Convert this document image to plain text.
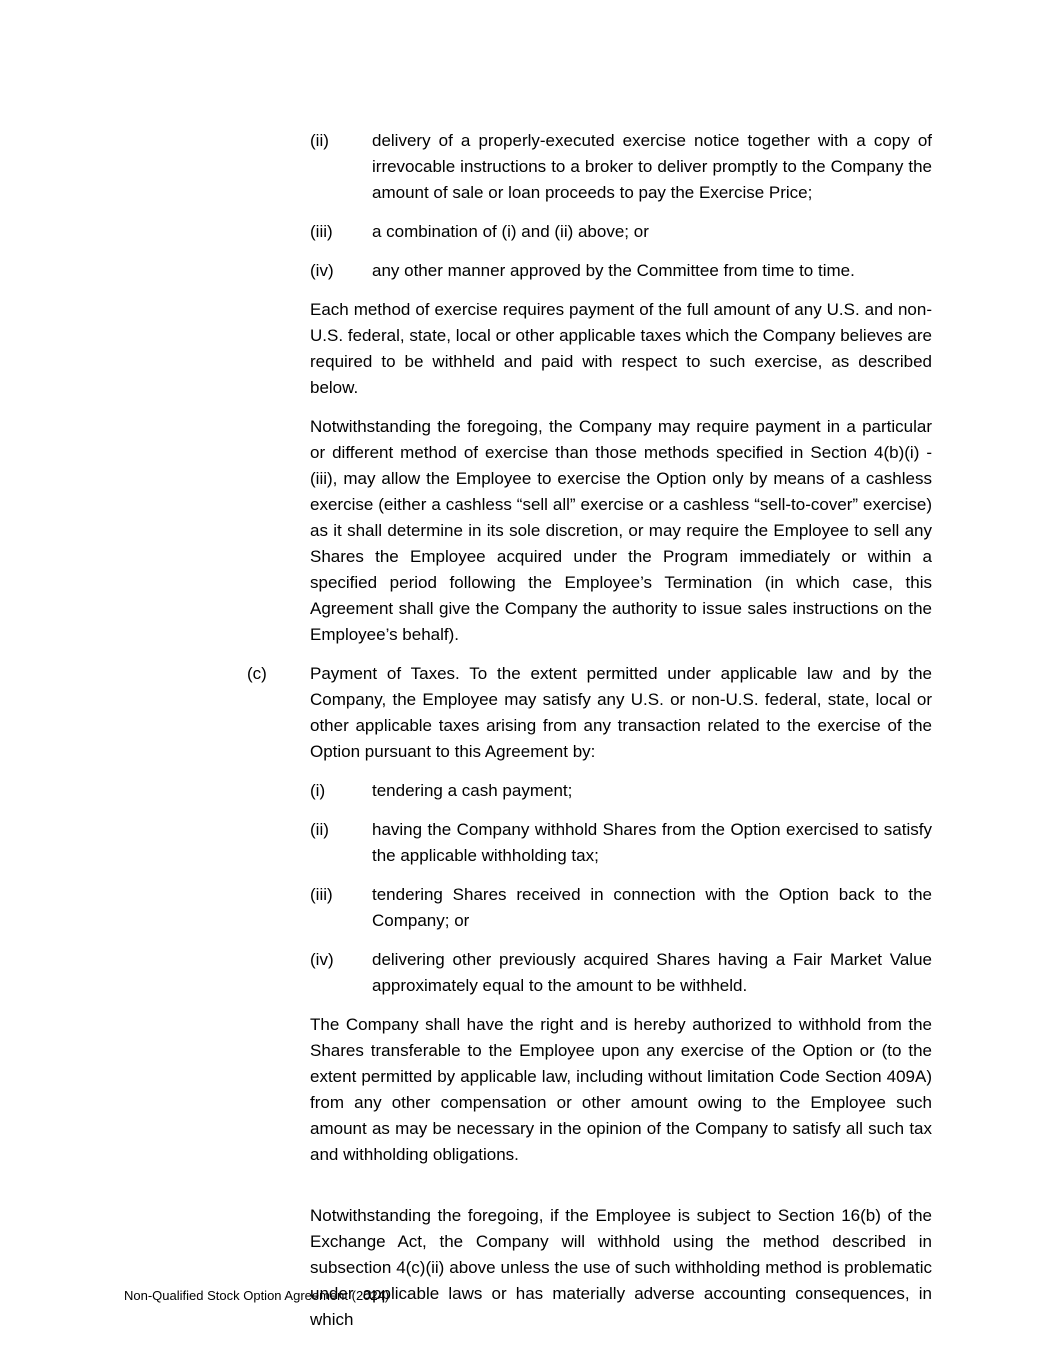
(ii)	delivery of a properly-executed exercise notice together with a copy of irrevocable instructions to a broker to deliver promptly to the Company the amount of sale or loan proceeds to pay the Exercise Price;
(iii) a combination of (i) and (ii) above; or
(iv) any other manner approved by the Committee from time to time.

Each method of exercise requires payment of the full amount of any U.S. and non-U.S. federal, state, local or other applicable taxes which the Company believes are required to be withheld and paid with respect to such exercise, as described below.

Notwithstanding the foregoing, the Company may require payment in a particular or different method of exercise than those methods specified in Section 4(b)(i) - (iii), may allow the Employee to exercise the Option only by means of a cashless exercise (either a cashless “sell all” exercise or a cashless “sell-to-cover” exercise) as it shall determine in its sole discretion, or may require the Employee to sell any Shares the Employee acquired under the Program immediately or within a specified period following the Employee’s Termination (in which case, this Agreement shall give the Company the authority to issue sales instructions on the Employee’s behalf).

(c)	Payment of Taxes. To the extent permitted under applicable law and by the Company, the Employee may satisfy any U.S. or non-U.S. federal, state, local or other applicable taxes arising from any transaction related to the exercise of the Option pursuant to this Agreement by:
(i)	tendering a cash payment;
(ii)	having the Company withhold Shares from the Option exercised to satisfy the applicable withholding tax;
(iii) tendering Shares received in connection with the Option back to the Company; or
(iv) delivering other previously acquired Shares having a Fair Market Value approximately equal to the amount to be withheld.

The Company shall have the right and is hereby authorized to withhold from the Shares transferable to the Employee upon any exercise of the Option or (to the extent permitted by applicable law, including without limitation Code Section 409A) from any other compensation or other amount owing to the Employee such amount as may be necessary in the opinion of the Company to satisfy all such tax and withholding obligations.

Notwithstanding the foregoing, if the Employee is subject to Section 16(b) of the Exchange Act, the Company will withhold using the method described in subsection 4(c)(ii) above unless the use of such withholding method is problematic under applicable laws or has materially adverse accounting consequences, in which

Non-Qualified Stock Option Agreement (2024)
